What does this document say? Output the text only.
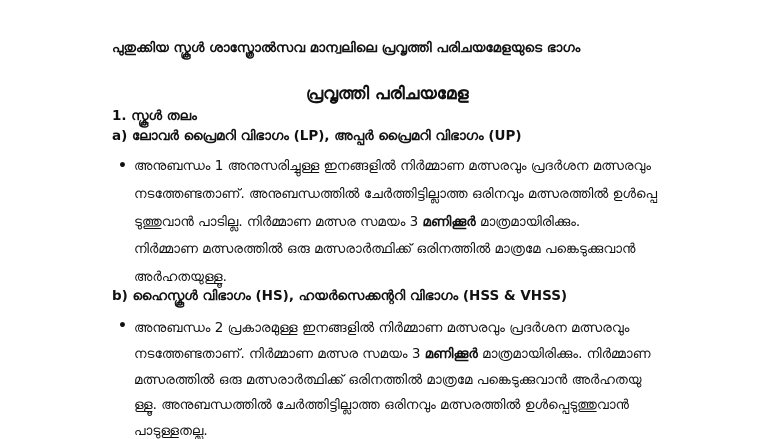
പുതുക്കിയ സ്കൂൾ ശാസ്ത്രോൽസവ മാന്വലിലെ പ്രവൃത്തി പരിചയമേളയുടെ ഭാഗം
പ്രവൃത്തി പരിചയമേള
1. സ്കൂൾ തലം
a) ലോവർ പ്രൈമറി വിഭാഗം (LP), അപ്പർ പ്രൈമറി വിഭാഗം (UP)
• അനുബന്ധം 1 അനുസരിച്ചുള്ള ഇനങ്ങളിൽ നിർമ്മാണ മത്സരവും പ്രദർശന മത്സരവും
നടത്തേണ്ടതാണ്. അനുബന്ധത്തിൽ ചേർത്തിട്ടില്ലാത്ത ഒരിനവും മത്സരത്തിൽ ഉൾപ്പെ
ടുത്തുവാൻ പാടില്ല. നിർമ്മാണ മത്സര സമയം 3 മണിക്കൂർ മാത്രമായിരിക്കും.
നിർമ്മാണ മത്സരത്തിൽ ഒരു മത്സരാർത്ഥിക്ക് ഒരിനത്തിൽ മാത്രമേ പങ്കെടുക്കുവാൻ
അർഹതയുള്ളൂ.
b) ഹൈസ്കൂൾ വിഭാഗം (HS), ഹയർസെക്കന്ററി വിഭാഗം (HSS & VHSS)
• അനുബന്ധം 2 പ്രകാരമുള്ള ഇനങ്ങളിൽ നിർമ്മാണ മത്സരവും പ്രദർശന മത്സരവും
നടത്തേണ്ടതാണ്. നിർമ്മാണ മത്സര സമയം 3 മണിക്കൂർ മാത്രമായിരിക്കും. നിർമ്മാണ
മത്സരത്തിൽ ഒരു മത്സരാർത്ഥിക്ക് ഒരിനത്തിൽ മാത്രമേ പങ്കെടുക്കുവാൻ അർഹതയു
ള്ളൂ. അനുബന്ധത്തിൽ ചേർത്തിട്ടില്ലാത്ത ഒരിനവും മത്സരത്തിൽ ഉൾപ്പെടുത്തുവാൻ
പാടുള്ളതല്ല.
